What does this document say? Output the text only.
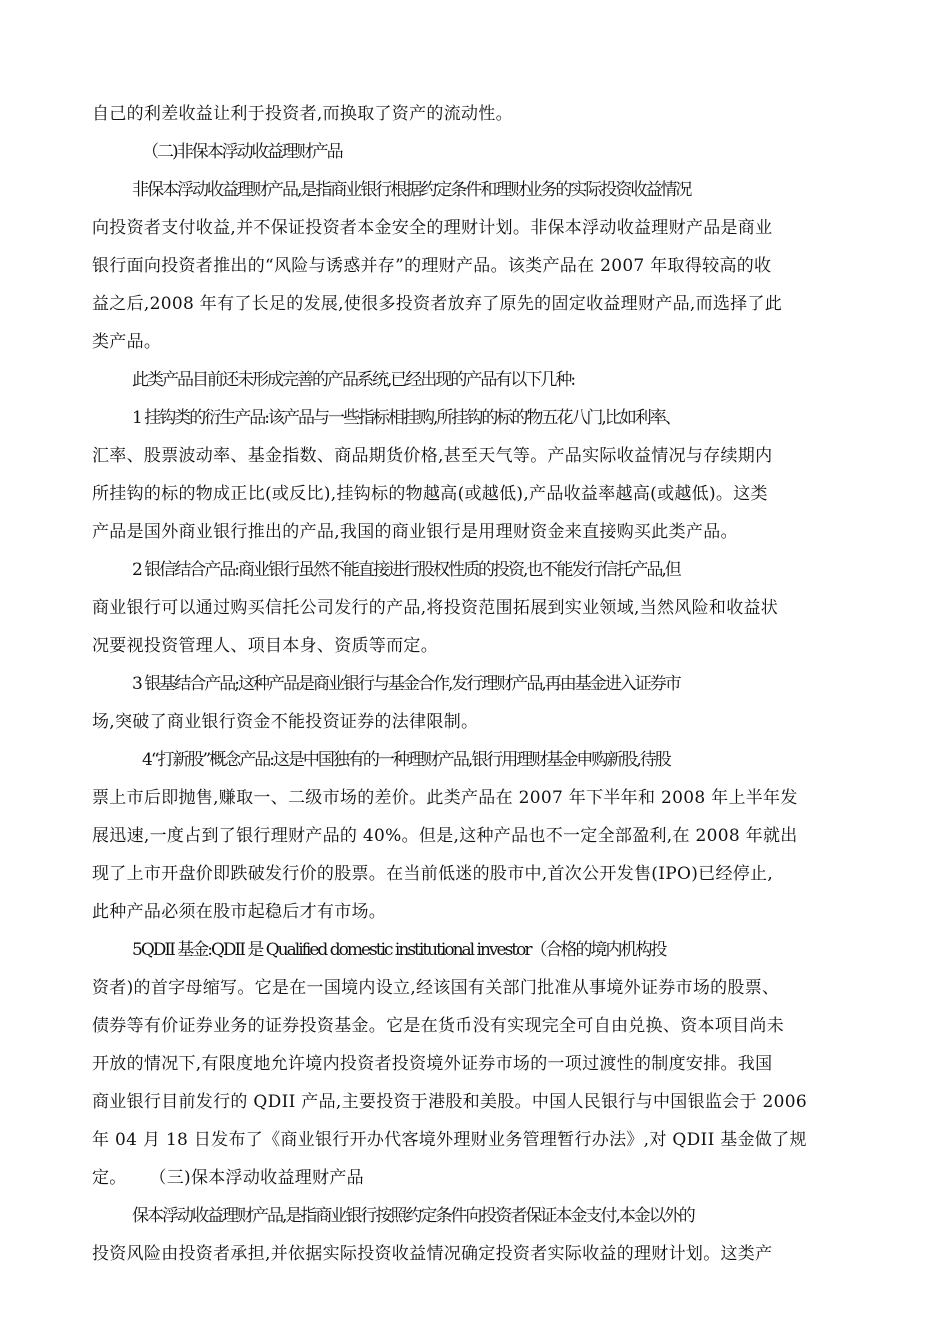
自己的利差收益让利于投资者,而换取了资产的流动性。
（二)非保本浮动收益理财产品
非保本浮动收益理财产品,是指商业银行根据约定条件和理财业务的实际投资收益情况
向投资者支付收益,并不保证投资者本金安全的理财计划。非保本浮动收益理财产品是商业
银行面向投资者推出的“风险与诱惑并存”的理财产品。该类产品在 2007 年取得较高的收
益之后,2008 年有了长足的发展,使很多投资者放弃了原先的固定收益理财产品,而选择了此
类产品。
此类产品目前还未形成完善的产品系统,已经出现的产品有以下几种:
1 挂钩类的衍生产品:该产品与一些指标相挂购,所挂钩的标的物五花八门,比如利率、
汇率、股票波动率、基金指数、商品期货价格,甚至天气等。产品实际收益情况与存续期内
所挂钩的标的物成正比(或反比),挂钩标的物越高(或越低),产品收益率越高(或越低)。这类
产品是国外商业银行推出的产品,我国的商业银行是用理财资金来直接购买此类产品。
2 银信结合产品:商业银行虽然不能直接进行股权性质的投资,也不能发行信托产品,但
商业银行可以通过购买信托公司发行的产品,将投资范围拓展到实业领域,当然风险和收益状
况要视投资管理人、项目本身、资质等而定。
3 银基结合产品;这种产品是商业银行与基金合作,发行理财产品,再由基金进入证券市
场,突破了商业银行资金不能投资证券的法律限制。
4“打新股”概念产品:这是中国独有的一种理财产品,银行用理财基金申购新股,待股
票上市后即抛售,赚取一、二级市场的差价。此类产品在 2007 年下半年和 2008 年上半年发
展迅速,一度占到了银行理财产品的 40%。但是,这种产品也不一定全部盈利,在 2008 年就出
现了上市开盘价即跌破发行价的股票。在当前低迷的股市中,首次公开发售(IPO)已经停止,
此种产品必须在股市起稳后才有市场。
5QDII 基金:QDII 是 Qualified domestic institutional investor（合格的境内机构投
资者)的首字母缩写。它是在一国境内设立,经该国有关部门批准从事境外证券市场的股票、
债券等有价证券业务的证券投资基金。它是在货币没有实现完全可自由兑换、资本项目尚未
开放的情况下,有限度地允许境内投资者投资境外证券市场的一项过渡性的制度安排。我国
商业银行目前发行的 QDII 产品,主要投资于港股和美股。中国人民银行与中国银监会于 2006
年 04 月 18 日发布了《商业银行开办代客境外理财业务管理暂行办法》,对 QDII 基金做了规
定。    （三)保本浮动收益理财产品
保本浮动收益理财产品,是指商业银行按照约定条件向投资者保证本金支付,本金以外的
投资风险由投资者承担,并依据实际投资收益情况确定投资者实际收益的理财计划。这类产
